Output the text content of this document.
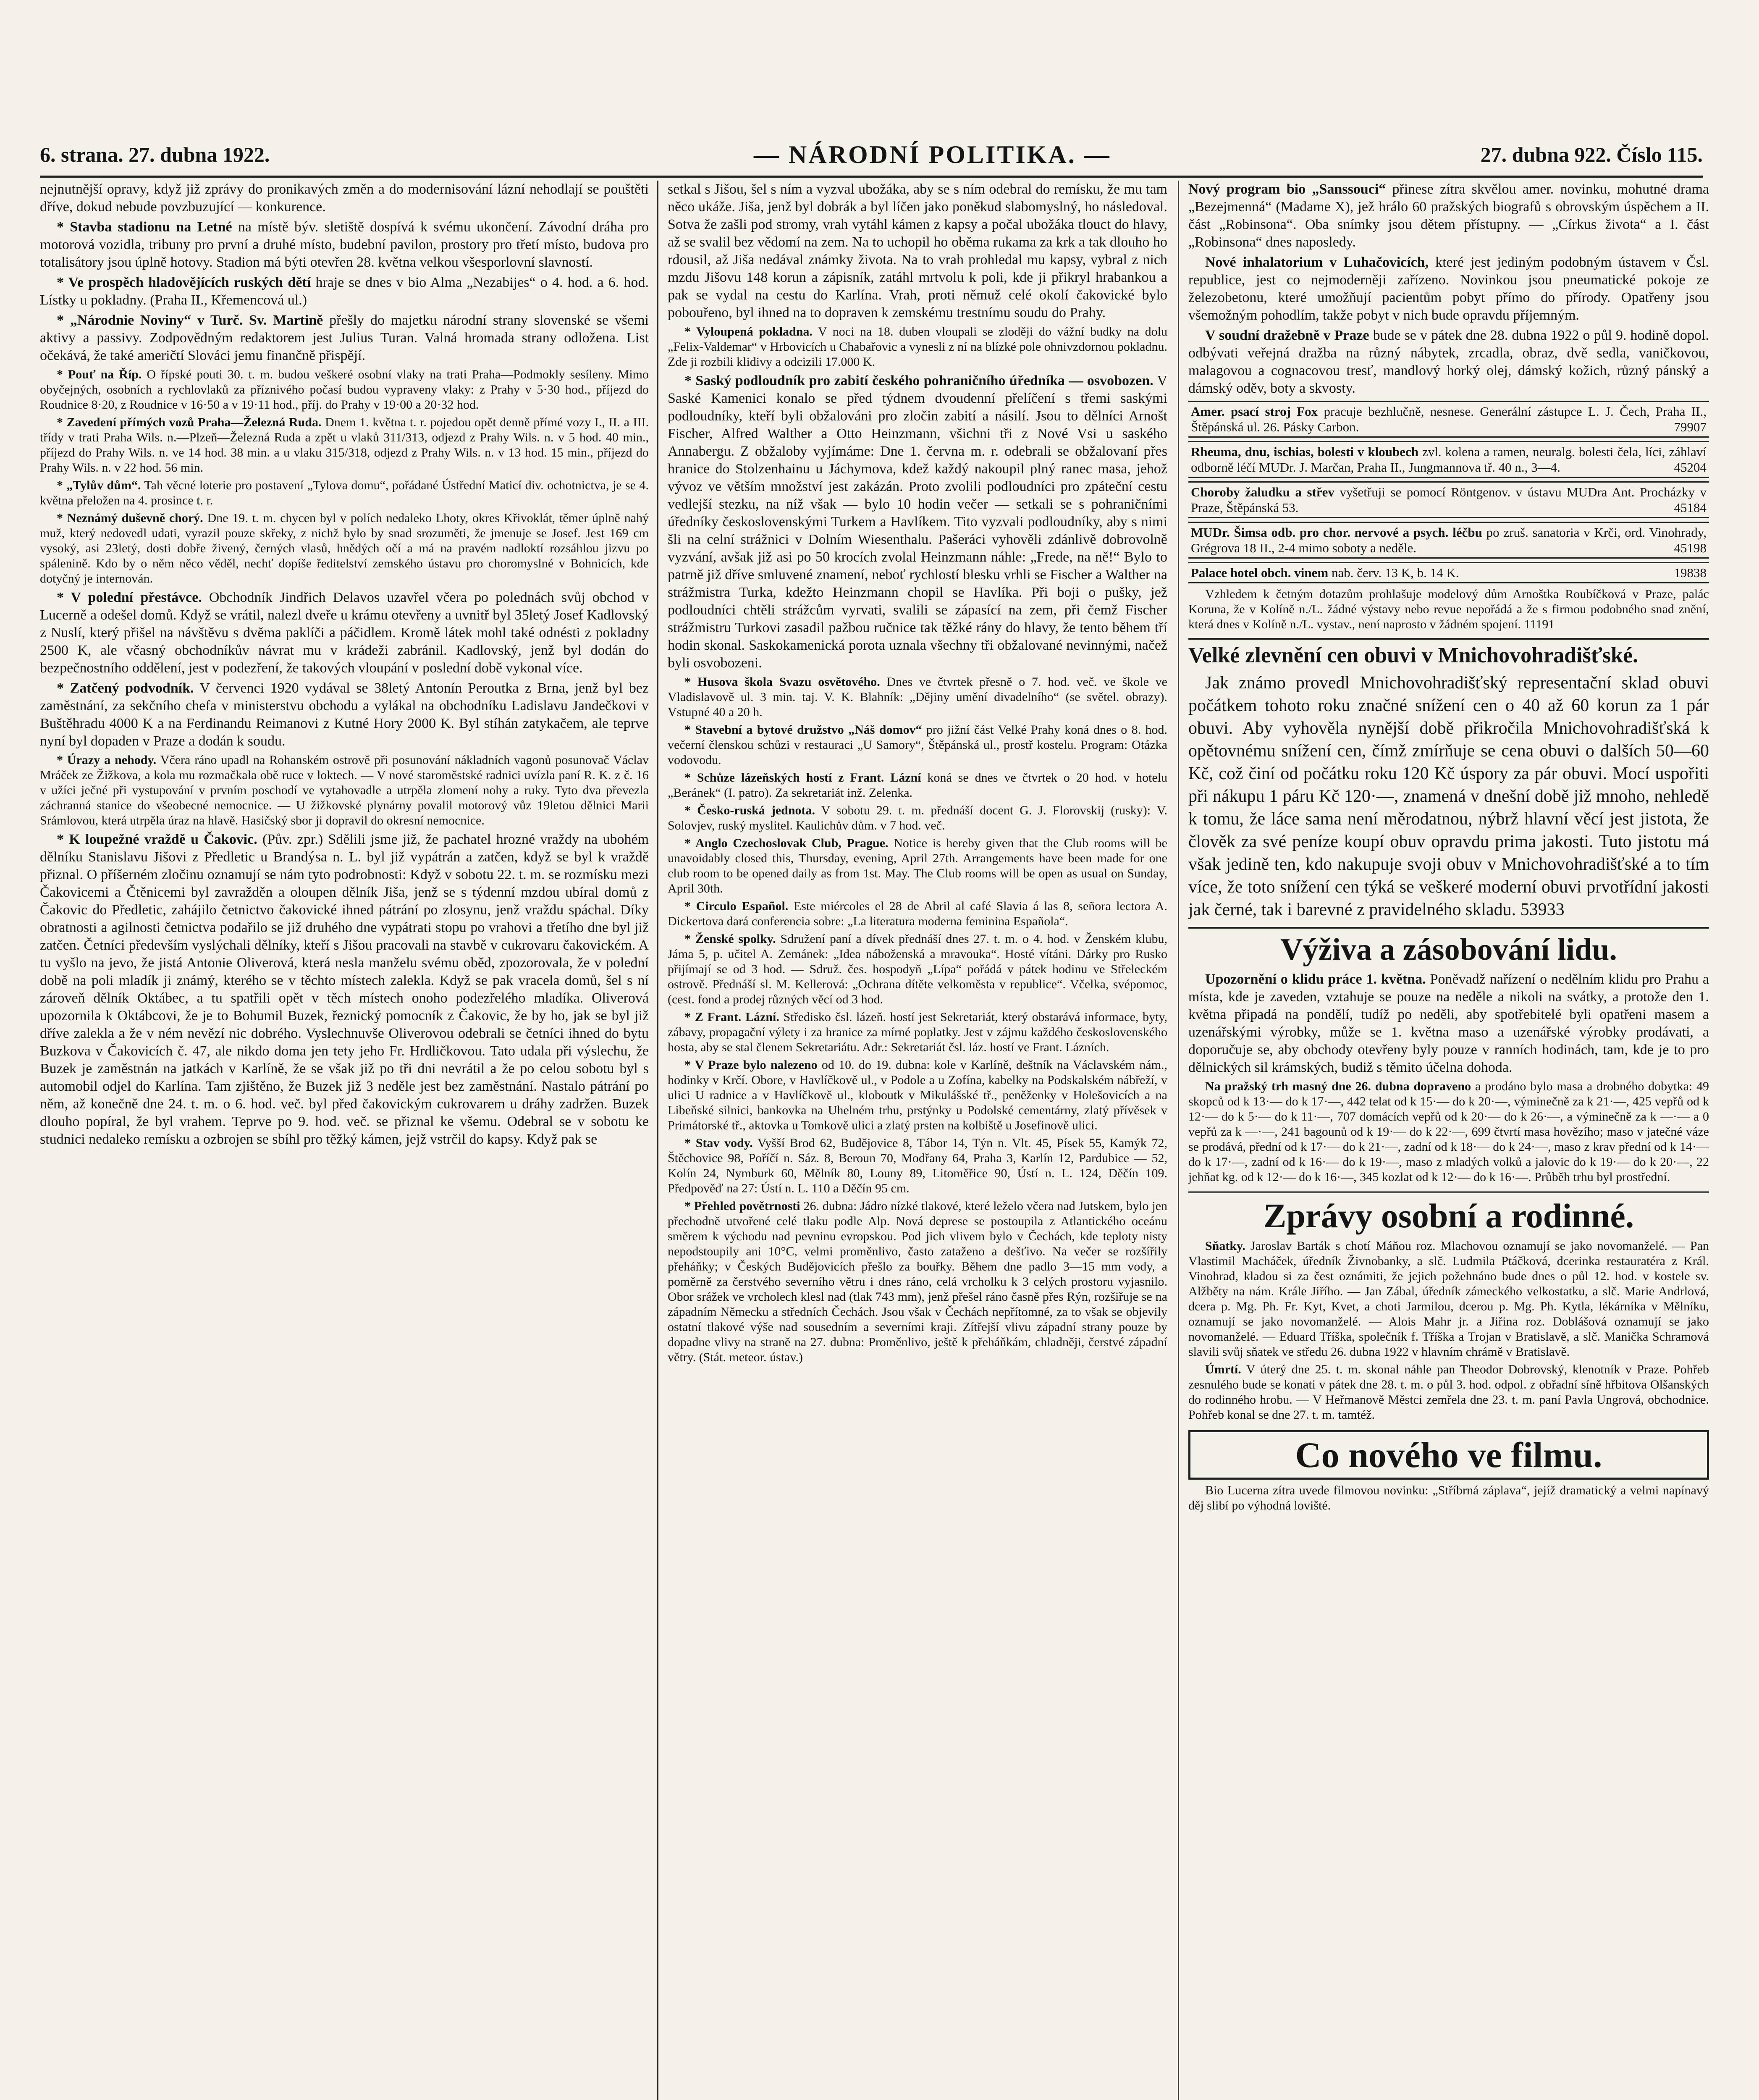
6. strana. 27. dubna 1922.	— NÁRODNÍ POLITIKA. —	27. dubna 922. Číslo 115.

nejnutnější opravy, když již zprávy do pronikavých změn a do modernisování lázní nehodlají se pouštěti dříve, dokud nebude povzbuzující — konkurence.

* Stavba stadionu na Letné na místě býv. sletiště dospívá k svému ukončení. Závodní dráha pro motorová vozidla, tribuny pro první a druhé místo, budební pavilon, prostory pro třetí místo, budova pro totalisátory jsou úplně hotovy. Stadion má býti otevřen 28. května velkou všesporlovní slavností.

* Ve prospěch hladovějících ruských dětí hraje se dnes v bio Alma „Nezabijes“ o 4. hod. a 6. hod. Lístky u pokladny. (Praha II., Křemencová ul.)

* „Národnie Noviny“ v Turč. Sv. Martině přešly do majetku národní strany slovenské se všemi aktivy a passivy. Zodpovědným redaktorem jest Julius Turan. Valná hromada strany odložena. List očekává, že také američtí Slováci jemu finančně přispějí.

* Pouť na Říp. O řípské pouti 30. t. m. budou veškeré osobní vlaky na trati Praha—Podmokly sesíleny. Mimo obyčejných, osobních a rychlovlaků za příznivého počasí budou vypraveny vlaky: z Prahy v 5·30 hod., příjezd do Roudnice 8·20, z Roudnice v 16·50 a v 19·11 hod., příj. do Prahy v 19·00 a 20·32 hod.

* Zavedení přímých vozů Praha—Železná Ruda. Dnem 1. května t. r. pojedou opět denně přímé vozy I., II. a III. třídy v trati Praha Wils. n.—Plzeň—Železná Ruda a zpět u vlaků 311/313, odjezd z Prahy Wils. n. v 5 hod. 40 min., příjezd do Prahy Wils. n. ve 14 hod. 38 min. a u vlaku 315/318, odjezd z Prahy Wils. n. v 13 hod. 15 min., příjezd do Prahy Wils. n. v 22 hod. 56 min.

* „Tylův dům“. Tah věcné loterie pro postavení „Tylova domu“, pořádané Ústřední Maticí div. ochotnictva, je se 4. května přeložen na 4. prosince t. r.

* Neznámý duševně chorý. Dne 19. t. m. chycen byl v polích nedaleko Lhoty, okres Křivoklát, těmer úplně nahý muž, který nedovedl udati, vyrazil pouze skřeky, z nichž bylo by snad srozuměti, že jmenuje se Josef. Jest 169 cm vysoký, asi 23letý, dosti dobře živený, černých vlasů, hnědých očí a má na pravém nadloktí rozsáhlou jizvu po spálenině. Kdo by o něm něco věděl, nechť dopíše ředitelství zemského ústavu pro choromyslné v Bohnicích, kde dotyčný je internován.

* V polední přestávce. Obchodník Jindřich Delavos uzavřel včera po polednách svůj obchod v Lucerně a odešel domů. Když se vrátil, nalezl dveře u krámu otevřeny a uvnitř byl 35letý Josef Kadlovský z Nuslí, který přišel na návštěvu s dvěma paklíči a páčidlem. Kromě látek mohl také odnésti z pokladny 2500 K, ale včasný obchodníkův návrat mu v krádeži zabránil. Kadlovský, jenž byl dodán do bezpečnostního oddělení, jest v podezření, že takových vloupání v poslední době vykonal více.

* Zatčený podvodník. V červenci 1920 vydával se 38letý Antonín Peroutka z Brna, jenž byl bez zaměstnání, za sekčního chefa v ministerstvu obchodu a vylákal na obchodníku Ladislavu Jandečkovi v Buštěhradu 4000 K a na Ferdinandu Reimanovi z Kutné Hory 2000 K. Byl stíhán zatykačem, ale teprve nyní byl dopaden v Praze a dodán k soudu.

* Úrazy a nehody. Včera ráno upadl na Rohanském ostrově při posunování nákladních vagonů posunovač Václav Mráček ze Žižkova, a kola mu rozmačkala obě ruce v loktech. — V nové staroměstské radnici uvízla paní R. K. z č. 16 v užíci ječné při vystupování v prvním poschodí ve vytahovadle a utrpěla zlomení nohy a ruky. Tyto dva převezla záchranná stanice do všeobecné nemocnice. — U žižkovské plynárny povalil motorový vůz 19letou dělnici Marii Srámlovou, která utrpěla úraz na hlavě. Hasičský sbor ji dopravil do okresní nemocnice.

* K loupežné vraždě u Čakovic. (Pův. zpr.) Sdělili jsme již, že pachatel hrozné vraždy na ubohém dělníku Stanislavu Jišovi z Předletic u Brandýsa n. L. byl již vypátrán a zatčen, když se byl k vraždě přiznal. O příšerném zločinu oznamují se nám tyto podrobnosti: Když v sobotu 22. t. m. se rozmísku mezi Čakovicemi a Čtěnicemi byl zavražděn a oloupen dělník Jiša, jenž se s týdenní mzdou ubíral domů z Čakovic do Předletic, zahájilo četnictvo čakovické ihned pátrání po zlosynu, jenž vraždu spáchal. Díky obratnosti a agilnosti četnictva podařilo se již druhého dne vypátrati stopu po vrahovi a třetího dne byl již zatčen. Četníci především vyslýchali dělníky, kteří s Jišou pracovali na stavbě v cukrovaru čakovickém. A tu vyšlo na jevo, že jistá Antonie Oliverová, která nesla manželu svému oběd, zpozorovala, že v polední době na poli mladík ji známý, kterého se v těchto místech zalekla. Když se pak vracela domů, šel s ní zároveň dělník Oktábec, a tu spatřili opět v těch místech onoho podezřelého mladíka. Oliverová upozornila k Oktábcovi, že je to Bohumil Buzek, řeznický pomocník z Čakovic, že by ho, jak se byl již dříve zalekla a že v ném nevězí nic dobrého. Vyslechnuvše Oliverovou odebrali se četníci ihned do bytu Buzkova v Čakovicích č. 47, ale nikdo doma jen tety jeho Fr. Hrdličkovou. Tato udala při výslechu, že Buzek je zaměstnán na jatkách v Karlíně, že se však již po tři dni nevrátil a že po celou sobotu byl s automobil odjel do Karlína. Tam zjištěno, že Buzek již 3 neděle jest bez zaměstnání. Nastalo pátrání po něm, až konečně dne 24. t. m. o 6. hod. več. byl před čakovickým cukrovarem u dráhy zadržen. Buzek dlouho popíral, že byl vrahem. Teprve po 9. hod. več. se přiznal ke všemu. Odebral se v sobotu ke studnici nedaleko remísku a ozbrojen se sbíhl pro těžký kámen, jejž vstrčil do kapsy. Když pak se

setkal s Jišou, šel s ním a vyzval ubožáka, aby se s ním odebral do remísku, že mu tam něco ukáže. Jiša, jenž byl dobrák a byl líčen jako poněkud slabomyslný, ho následoval. Sotva že zašli pod stromy, vrah vytáhl kámen z kapsy a počal ubožáka tlouct do hlavy, až se svalil bez vědomí na zem. Na to uchopil ho oběma rukama za krk a tak dlouho ho rdousil, až Jiša nedával známky života. Na to vrah prohledal mu kapsy, vybral z nich mzdu Jišovu 148 korun a zápisník, zatáhl mrtvolu k poli, kde ji přikryl hrabankou a pak se vydal na cestu do Karlína. Vrah, proti němuž celé okolí čakovické bylo pobouřeno, byl ihned na to dopraven k zemskému trestnímu soudu do Prahy.

* Vyloupená pokladna. V noci na 18. duben vloupali se zloději do vážní budky na dolu „Felix-Valdemar“ v Hrbovicích u Chabařovic a vynesli z ní na blízké pole ohnivzdornou pokladnu. Zde ji rozbili klidivy a odcizili 17.000 K.

* Saský podloudník pro zabití českého pohraničního úředníka — osvobozen. V Saské Kamenici konalo se před týdnem dvoudenní přelíčení s třemi saskými podloudníky, kteří byli obžalováni pro zločin zabití a násilí. Jsou to dělníci Arnošt Fischer, Alfred Walther a Otto Heinzmann, všichni tři z Nové Vsi u saského Annabergu. Z obžaloby vyjímáme: Dne 1. června m. r. odebrali se obžalovaní přes hranice do Stolzenhainu u Jáchymova, kdež každý nakoupil plný ranec masa, jehož vývoz ve větším množství jest zakázán. Proto zvolili podloudníci pro zpáteční cestu vedlejší stezku, na níž však — bylo 10 hodin večer — setkali se s pohraničními úředníky československými Turkem a Havlíkem. Tito vyzvali podloudníky, aby s nimi šli na celní strážnici v Dolním Wiesenthalu. Pašeráci vyhověli zdánlivě dobrovolně vyzvání, avšak již asi po 50 krocích zvolal Heinzmann náhle: „Frede, na ně!“ Bylo to patrně již dříve smluvené znamení, neboť rychlostí blesku vrhli se Fischer a Walther na strážmistra Turka, kdežto Heinzmann chopil se Havlíka. Při boji o pušky, jež podloudníci chtěli strážcům vyrvati, svalili se zápasící na zem, při čemž Fischer strážmistru Turkovi zasadil pažbou ručnice tak těžké rány do hlavy, že tento během tří hodin skonal. Saskokamenická porota uznala všechny tři obžalované nevinnými, načež byli osvobozeni.

* Husova škola Svazu osvětového. Dnes ve čtvrtek přesně o 7. hod. več. ve škole ve Vladislavově ul. 3 min. taj. V. K. Blahník: „Dějiny umění divadelního“ (se světel. obrazy). Vstupné 40 a 20 h.

* Stavební a bytové družstvo „Náš domov“ pro jižní část Velké Prahy koná dnes o 8. hod. večerní členskou schůzi v restauraci „U Samory“, Štěpánská ul., prostř kostelu. Program: Otázka vodovodu.

* Schůze lázeňských hostí z Frant. Lázní koná se dnes ve čtvrtek o 20 hod. v hotelu „Beránek“ (I. patro). Za sekretariát inž. Zelenka.

* Česko-ruská jednota. V sobotu 29. t. m. přednáší docent G. J. Florovskij (rusky): V. Solovjev, ruský myslitel. Kaulichův dům. v 7 hod. več.

* Anglo Czechoslovak Club, Prague. Notice is hereby given that the Club rooms will be unavoidably closed this, Thursday, evening, April 27th. Arrangements have been made for one club room to be opened daily as from 1st. May. The Club rooms will be open as usual on Sunday, April 30th.

* Circulo Español. Este miércoles el 28 de Abril al café Slavia á las 8, señora lectora A. Dickertova dará conferencia sobre: „La literatura moderna feminina Española“.

* Ženské spolky. Sdružení paní a dívek přednáší dnes 27. t. m. o 4. hod. v Ženském klubu, Jáma 5, p. učitel A. Zemánek: „Idea náboženská a mravouka“. Hosté vítáni. Dárky pro Rusko přijímají se od 3 hod. — Sdruž. čes. hospodyň „Lípa“ pořádá v pátek hodinu ve Střeleckém ostrově. Přednáší sl. M. Kellerová: „Ochrana dítěte velkoměsta v republice“. Včelka, svépomoc, (cest. fond a prodej různých věcí od 3 hod.

* Z Frant. Lázní. Středisko čsl. lázeň. hostí jest Sekretariát, který obstarává informace, byty, zábavy, propagační výlety i za hranice za mírné poplatky. Jest v zájmu každého československého hosta, aby se stal členem Sekretariátu. Adr.: Sekretariát čsl. láz. hostí ve Frant. Lázních.

* V Praze bylo nalezeno od 10. do 19. dubna: kole v Karlíně, deštník na Václavském nám., hodinky v Krčí. Obore, v Havlíčkově ul., v Podole a u Zofína, kabelky na Podskalském nábřeží, v ulici U radnice a v Havlíčkově ul., kloboutk v Mikulášské tř., peněženky v Holešovicích a na Libeňské silnici, bankovka na Uhelném trhu, prstýnky u Podolské cementárny, zlatý přívěsek v Primátorské tř., aktovka u Tomkově ulici a zlatý prsten na kolbiště u Josefinově ulici.

* Stav vody. Vyšší Brod 62, Budějovice 8, Tábor 14, Týn n. Vlt. 45, Písek 55, Kamýk 72, Štěchovice 98, Poříčí n. Sáz. 8, Beroun 70, Modřany 64, Praha 3, Karlín 12, Pardubice — 52, Kolín 24, Nymburk 60, Mělník 80, Louny 89, Litoměřice 90, Ústí n. L. 124, Děčín 109. Předpověď na 27: Ústí n. L. 110 a Děčín 95 cm.

* Přehled povětrnosti 26. dubna: Jádro nízké tlakové, které leželo včera nad Jutskem, bylo jen přechodně utvořené celé tlaku podle Alp. Nová deprese se postoupila z Atlantického oceánu směrem k východu nad pevninu evropskou. Pod jich vlivem bylo v Čechách, kde teploty nisty nepodstoupily ani 10°C, velmi proměnlivo, často zataženo a dešťivo. Na večer se rozšířily přeháňky; v Českých Budějovicích přešlo za bouřky. Během dne padlo 3—15 mm vody, a poměrně za čerstvého severního větru i dnes ráno, celá vrcholku k 3 celých prostoru vyjasnilo. Obor srážek ve vrcholech klesl nad (tlak 743 mm), jenž přešel ráno časně přes Rýn, rozšiřuje se na západním Německu a středních Čechách. Jsou však v Čechách nepřítomné, za to však se objevily ostatní tlakové výše nad sousedním a severními kraji. Zítřejší vlivu západní strany pouze by dopadne vlivy na straně na 27. dubna: Proměnlivo, ještě k přeháňkám, chladněji, čerstvé západní větry. (Stát. meteor. ústav.)

Nový program bio „Sanssouci“ přinese zítra skvělou amer. novinku, mohutné drama „Bezejmenná“ (Madame X), jež hrálo 60 pražských biografů s obrovským úspěchem a II. část „Robinsona“. Oba snímky jsou dětem přístupny. — „Církus života“ a I. část „Robinsona“ dnes naposledy.

Nové inhalatorium v Luhačovicích, které jest jediným podobným ústavem v Čsl. republice, jest co nejmoderněji zařízeno. Novinkou jsou pneumatické pokoje ze železobetonu, které umožňují pacientům pobyt přímo do přírody. Opatřeny jsou všemožným pohodlím, takže pobyt v nich bude opravdu příjemným.

V soudní dražebně v Praze bude se v pátek dne 28. dubna 1922 o půl 9. hodině dopol. odbývati veřejná dražba na různý nábytek, zrcadla, obraz, dvě sedla, vaničkovou, malagovou a cognacovou tresť, mandlový horký olej, dámský kožich, různý pánský a dámský oděv, boty a skvosty.

Amer. psací stroj Fox pracuje bezhlučně, nesnese. Generální zástupce L. J. Čech, Praha II., Štěpánská ul. 26. Pásky Carbon.	79907
Rheuma, dnu, ischias, bolesti v kloubech zvl. kolena a ramen, neuralg. bolesti čela, líci, záhlaví odborně léčí MUDr. J. Marčan, Praha II., Jungmannova tř. 40 n., 3—4.	45204
Choroby žaludku a střev vyšetřuji se pomocí Röntgenov. v ústavu MUDra Ant. Procházky v Praze, Štěpánská 53.	45184
MUDr. Šimsa odb. pro chor. nervové a psych. léčbu po zruš. sanatoria v Krči, ord. Vinohrady, Grégrova 18 II., 2-4 mimo soboty a neděle.	45198
Palace hotel obch. vinem nab. červ. 13 K, b. 14 K.	19838

Vzhledem k četným dotazům prohlašuje modelový dům Arnoštka Roubíčková v Praze, palác Koruna, že v Kolíně n./L. žádné výstavy nebo revue nepořádá a že s firmou podobného snad znění, která dnes v Kolíně n./L. vystav., není naprosto v žádném spojení. 11191

Velké zlevnění cen obuvi v Mnichovohradišťské.

Jak známo provedl Mnichovohradišťský representační sklad obuvi počátkem tohoto roku značné snížení cen o 40 až 60 korun za 1 pár obuvi. Aby vyhověla nynější době přikročila Mnichovohradišťská k opětovnému snížení cen, čímž zmírňuje se cena obuvi o dalších 50—60 Kč, což činí od počátku roku 120 Kč úspory za pár obuvi. Mocí uspořiti při nákupu 1 páru Kč 120·—, znamená v dnešní době již mnoho, nehledě k tomu, že láce sama není měrodatnou, nýbrž hlavní věcí jest jistota, že člověk za své peníze koupí obuv opravdu prima jakosti. Tuto jistotu má však jedině ten, kdo nakupuje svoji obuv v Mnichovohradišťské a to tím více, že toto snížení cen týká se veškeré moderní obuvi prvotřídní jakosti jak černé, tak i barevné z pravidelného skladu. 53933

Výživa a zásobování lidu.

Upozornění o klidu práce 1. května. Poněvadž nařízení o nedělním klidu pro Prahu a místa, kde je zaveden, vztahuje se pouze na neděle a nikoli na svátky, a protože den 1. května připadá na pondělí, tudíž po neděli, aby spotřebitelé byli opatřeni masem a uzenářskými výrobky, může se 1. května maso a uzenářské výrobky prodávati, a doporučuje se, aby obchody otevřeny byly pouze v ranních hodinách, tam, kde je to pro dělnických sil krámských, budiž s těmito účelna dohoda.

Na pražský trh masný dne 26. dubna dopraveno a prodáno bylo masa a drobného dobytka: 49 skopců od k 13·— do k 17·—, 442 telat od k 15·— do k 20·—, výminečně za k 21·—, 425 vepřů od k 12·— do k 5·— do k 11·—, 707 domácích vepřů od k 20·— do k 26·—, a výminečně za k —·— a 0 vepřů za k —·—, 241 bagounů od k 19·— do k 22·—, 699 čtvrtí masa hovězího; maso v jatečné váze se prodává, přední od k 17·— do k 21·—, zadní od k 18·— do k 24·—, maso z krav přední od k 14·— do k 17·—, zadní od k 16·— do k 19·—, maso z mladých volků a jalovic do k 19·— do k 20·—, 22 jehňat kg. od k 12·— do k 16·—, 345 kozlat od k 12·— do k 16·—. Průběh trhu byl prostřední.

Zprávy osobní a rodinné.

Sňatky. Jaroslav Barták s chotí Máňou roz. Mlachovou oznamují se jako novomanželé. — Pan Vlastimil Macháček, úředník Živnobanky, a slč. Ludmila Ptáčková, dcerinka restauratéra z Král. Vinohrad, kladou si za čest oznámiti, že jejich požehnáno bude dnes o půl 12. hod. v kostele sv. Alžběty na nám. Krále Jiřího. — Jan Zábal, úředník zámeckého velkostatku, a slč. Marie Andrlová, dcera p. Mg. Ph. Fr. Kyt, Kvet, a choti Jarmilou, dcerou p. Mg. Ph. Kytla, lékárníka v Mělníku, oznamují se jako novomanželé. — Alois Mahr jr. a Jiřina roz. Doblášová oznamují se jako novomanželé. — Eduard Tříška, společník f. Tříška a Trojan v Bratislavě, a slč. Manička Schramová slavili svůj sňatek ve středu 26. dubna 1922 v hlavním chrámě v Bratislavě.

Úmrtí. V úterý dne 25. t. m. skonal náhle pan Theodor Dobrovský, klenotník v Praze. Pohřeb zesnulého bude se konati v pátek dne 28. t. m. o půl 3. hod. odpol. z obřadní síně hřbitova Olšanských do rodinného hrobu. — V Heřmanově Městci zemřela dne 23. t. m. paní Pavla Ungrová, obchodnice. Pohřeb konal se dne 27. t. m. tamtéž.

Co nového ve filmu.

Bio Lucerna zítra uvede filmovou novinku: „Stříbrná záplava“, jejíž dramatický a velmi napínavý děj slibí po výhodná lovišté.
